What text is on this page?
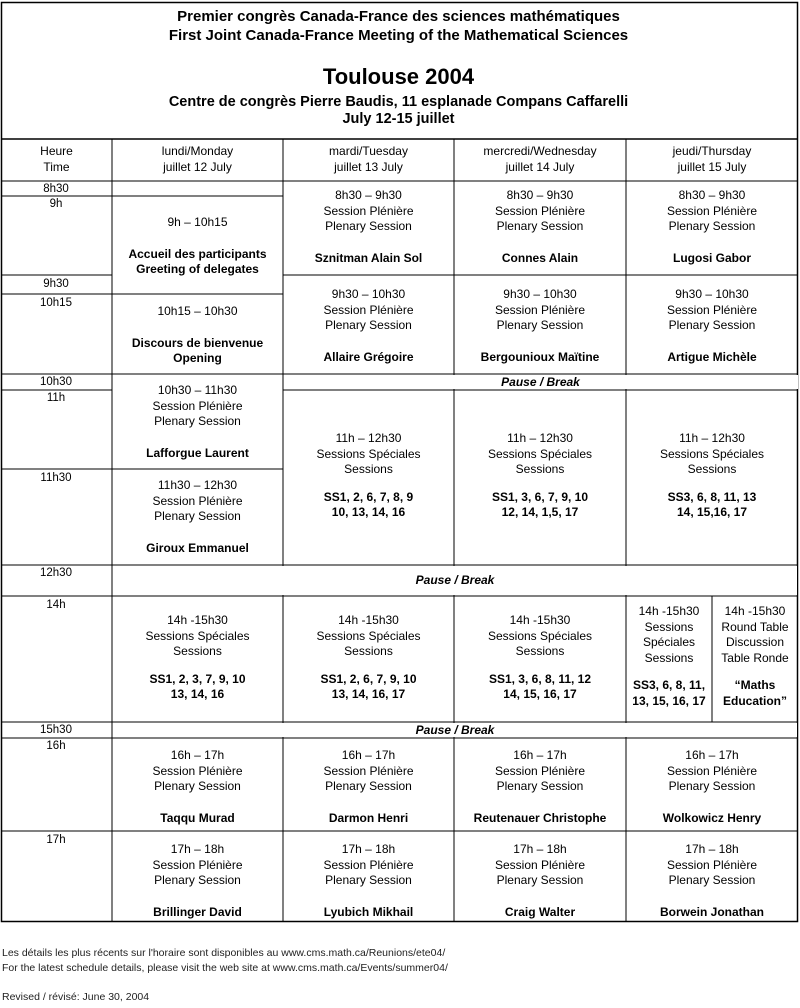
Premier congrès Canada-France des sciences mathématiques
First Joint Canada-France Meeting of the Mathematical Sciences
Toulouse 2004
Centre de congrès Pierre Baudis, 11 esplanade Compans Caffarelli
July 12-15 juillet
Heure
Time
lundi/Monday
juillet 12 July
mardi/Tuesday
juillet 13 July
mercredi/Wednesday
juillet 14 July
jeudi/Thursday
juillet 15 July
8h30
9h
9h30
10h15
10h30
11h
11h30
12h30
14h
15h30
16h
17h
9h – 10h15
Accueil des participants
Greeting of delegates
10h15 – 10h30
Discours de bienvenue
Opening
10h30 – 11h30
Session Plénière
Plenary Session
Lafforgue Laurent
11h30 – 12h30
Session Plénière
Plenary Session
Giroux Emmanuel
14h -15h30
Sessions Spéciales
Sessions
SS1, 2, 3, 7, 9, 10
13, 14, 16
16h – 17h
Session Plénière
Plenary Session
Taqqu Murad
17h – 18h
Session Plénière
Plenary Session
Brillinger David
8h30 – 9h30
Session Plénière
Plenary Session
Sznitman Alain Sol
9h30 – 10h30
Session Plénière
Plenary Session
Allaire Grégoire
11h – 12h30
Sessions Spéciales
Sessions
SS1, 2, 6, 7, 8, 9
10, 13, 14, 16
14h -15h30
Sessions Spéciales
Sessions
SS1, 2, 6, 7, 9, 10
13, 14, 16, 17
16h – 17h
Session Plénière
Plenary Session
Darmon Henri
17h – 18h
Session Plénière
Plenary Session
Lyubich Mikhail
8h30 – 9h30
Session Plénière
Plenary Session
Connes Alain
9h30 – 10h30
Session Plénière
Plenary Session
Bergounioux Maïtine
11h – 12h30
Sessions Spéciales
Sessions
SS1, 3, 6, 7, 9, 10
12, 14, 1,5, 17
14h -15h30
Sessions Spéciales
Sessions
SS1, 3, 6, 8, 11, 12
14, 15, 16, 17
16h – 17h
Session Plénière
Plenary Session
Reutenauer Christophe
17h – 18h
Session Plénière
Plenary Session
Craig Walter
8h30 – 9h30
Session Plénière
Plenary Session
Lugosi Gabor
9h30 – 10h30
Session Plénière
Plenary Session
Artigue Michèle
11h – 12h30
Sessions Spéciales
Sessions
SS3, 6, 8, 11, 13
14, 15,16, 17
14h -15h30
Sessions
Spéciales
Sessions
SS3, 6, 8, 11,
13, 15, 16, 17
14h -15h30
Round Table
Discussion
Table Ronde
“Maths
Education”
16h – 17h
Session Plénière
Plenary Session
Wolkowicz Henry
17h – 18h
Session Plénière
Plenary Session
Borwein Jonathan
Pause / Break
Pause / Break
Pause / Break
Les détails les plus récents sur l'horaire sont disponibles au www.cms.math.ca/Reunions/ete04/
For the latest schedule details, please visit the web site at www.cms.math.ca/Events/summer04/
Revised / révisé: June 30, 2004
